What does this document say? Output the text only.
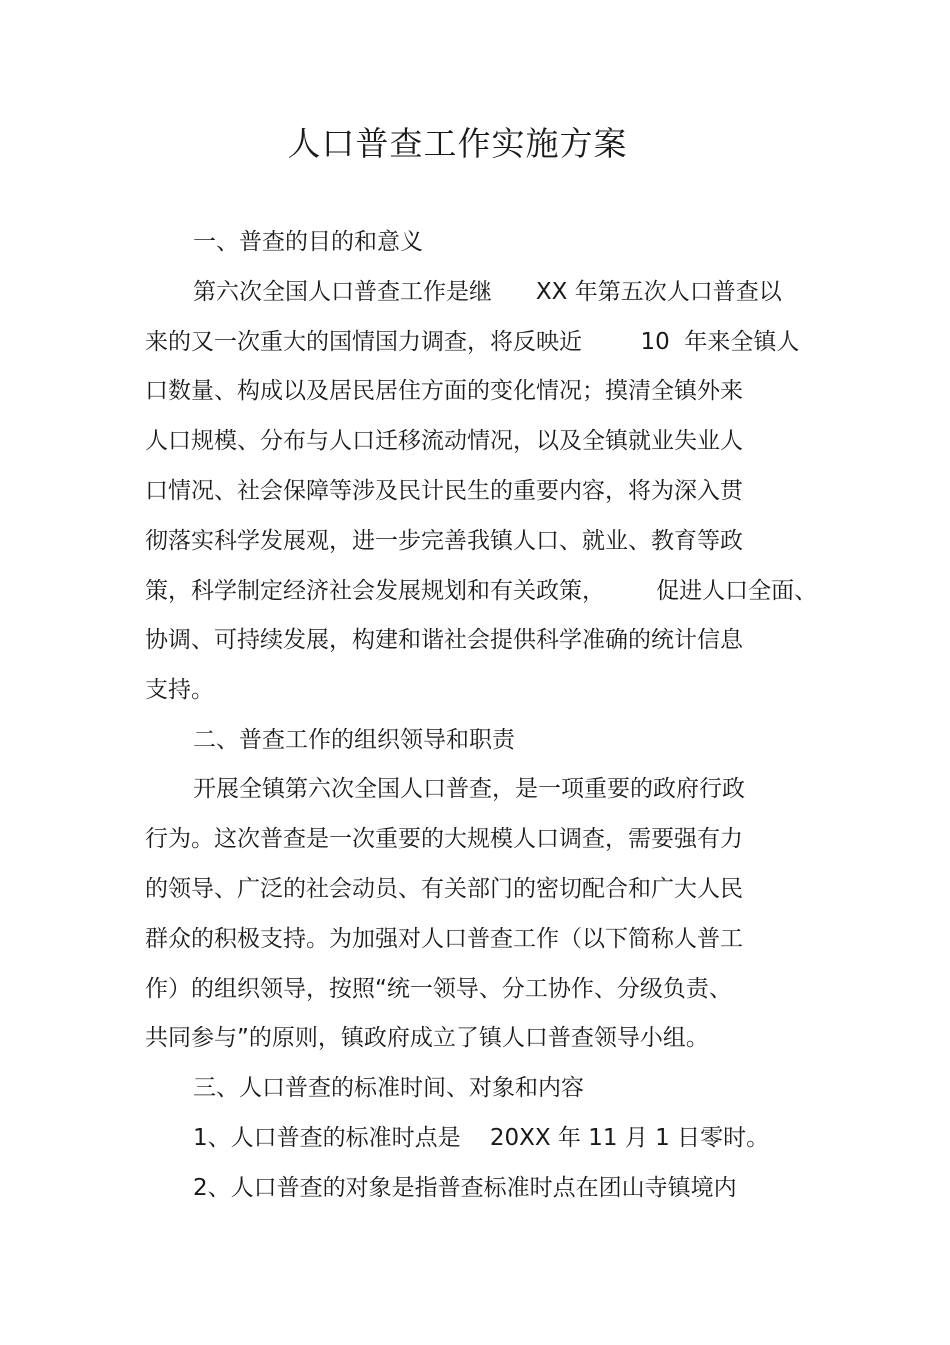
人口普查工作实施方案
一、普查的目的和意义
第六次全国人口普查工作是继      XX 年第五次人口普查以
来的又一次重大的国情国力调查，将反映近        10  年来全镇人
口数量、构成以及居民居住方面的变化情况；摸清全镇外来
人口规模、分布与人口迁移流动情况，以及全镇就业失业人
口情况、社会保障等涉及民计民生的重要内容，将为深入贯
彻落实科学发展观，进一步完善我镇人口、就业、教育等政
策，科学制定经济社会发展规划和有关政策，       促进人口全面、
协调、可持续发展，构建和谐社会提供科学准确的统计信息
支持。
二、普查工作的组织领导和职责
开展全镇第六次全国人口普查，是一项重要的政府行政
行为。这次普查是一次重要的大规模人口调查，需要强有力
的领导、广泛的社会动员、有关部门的密切配合和广大人民
群众的积极支持。为加强对人口普查工作（以下简称人普工
作）的组织领导，按照“统一领导、分工协作、分级负责、
共同参与”的原则，镇政府成立了镇人口普查领导小组。
三、人口普查的标准时间、对象和内容
1、人口普查的标准时点是    20XX 年 11 月 1 日零时。
2、人口普查的对象是指普查标准时点在团山寺镇境内
